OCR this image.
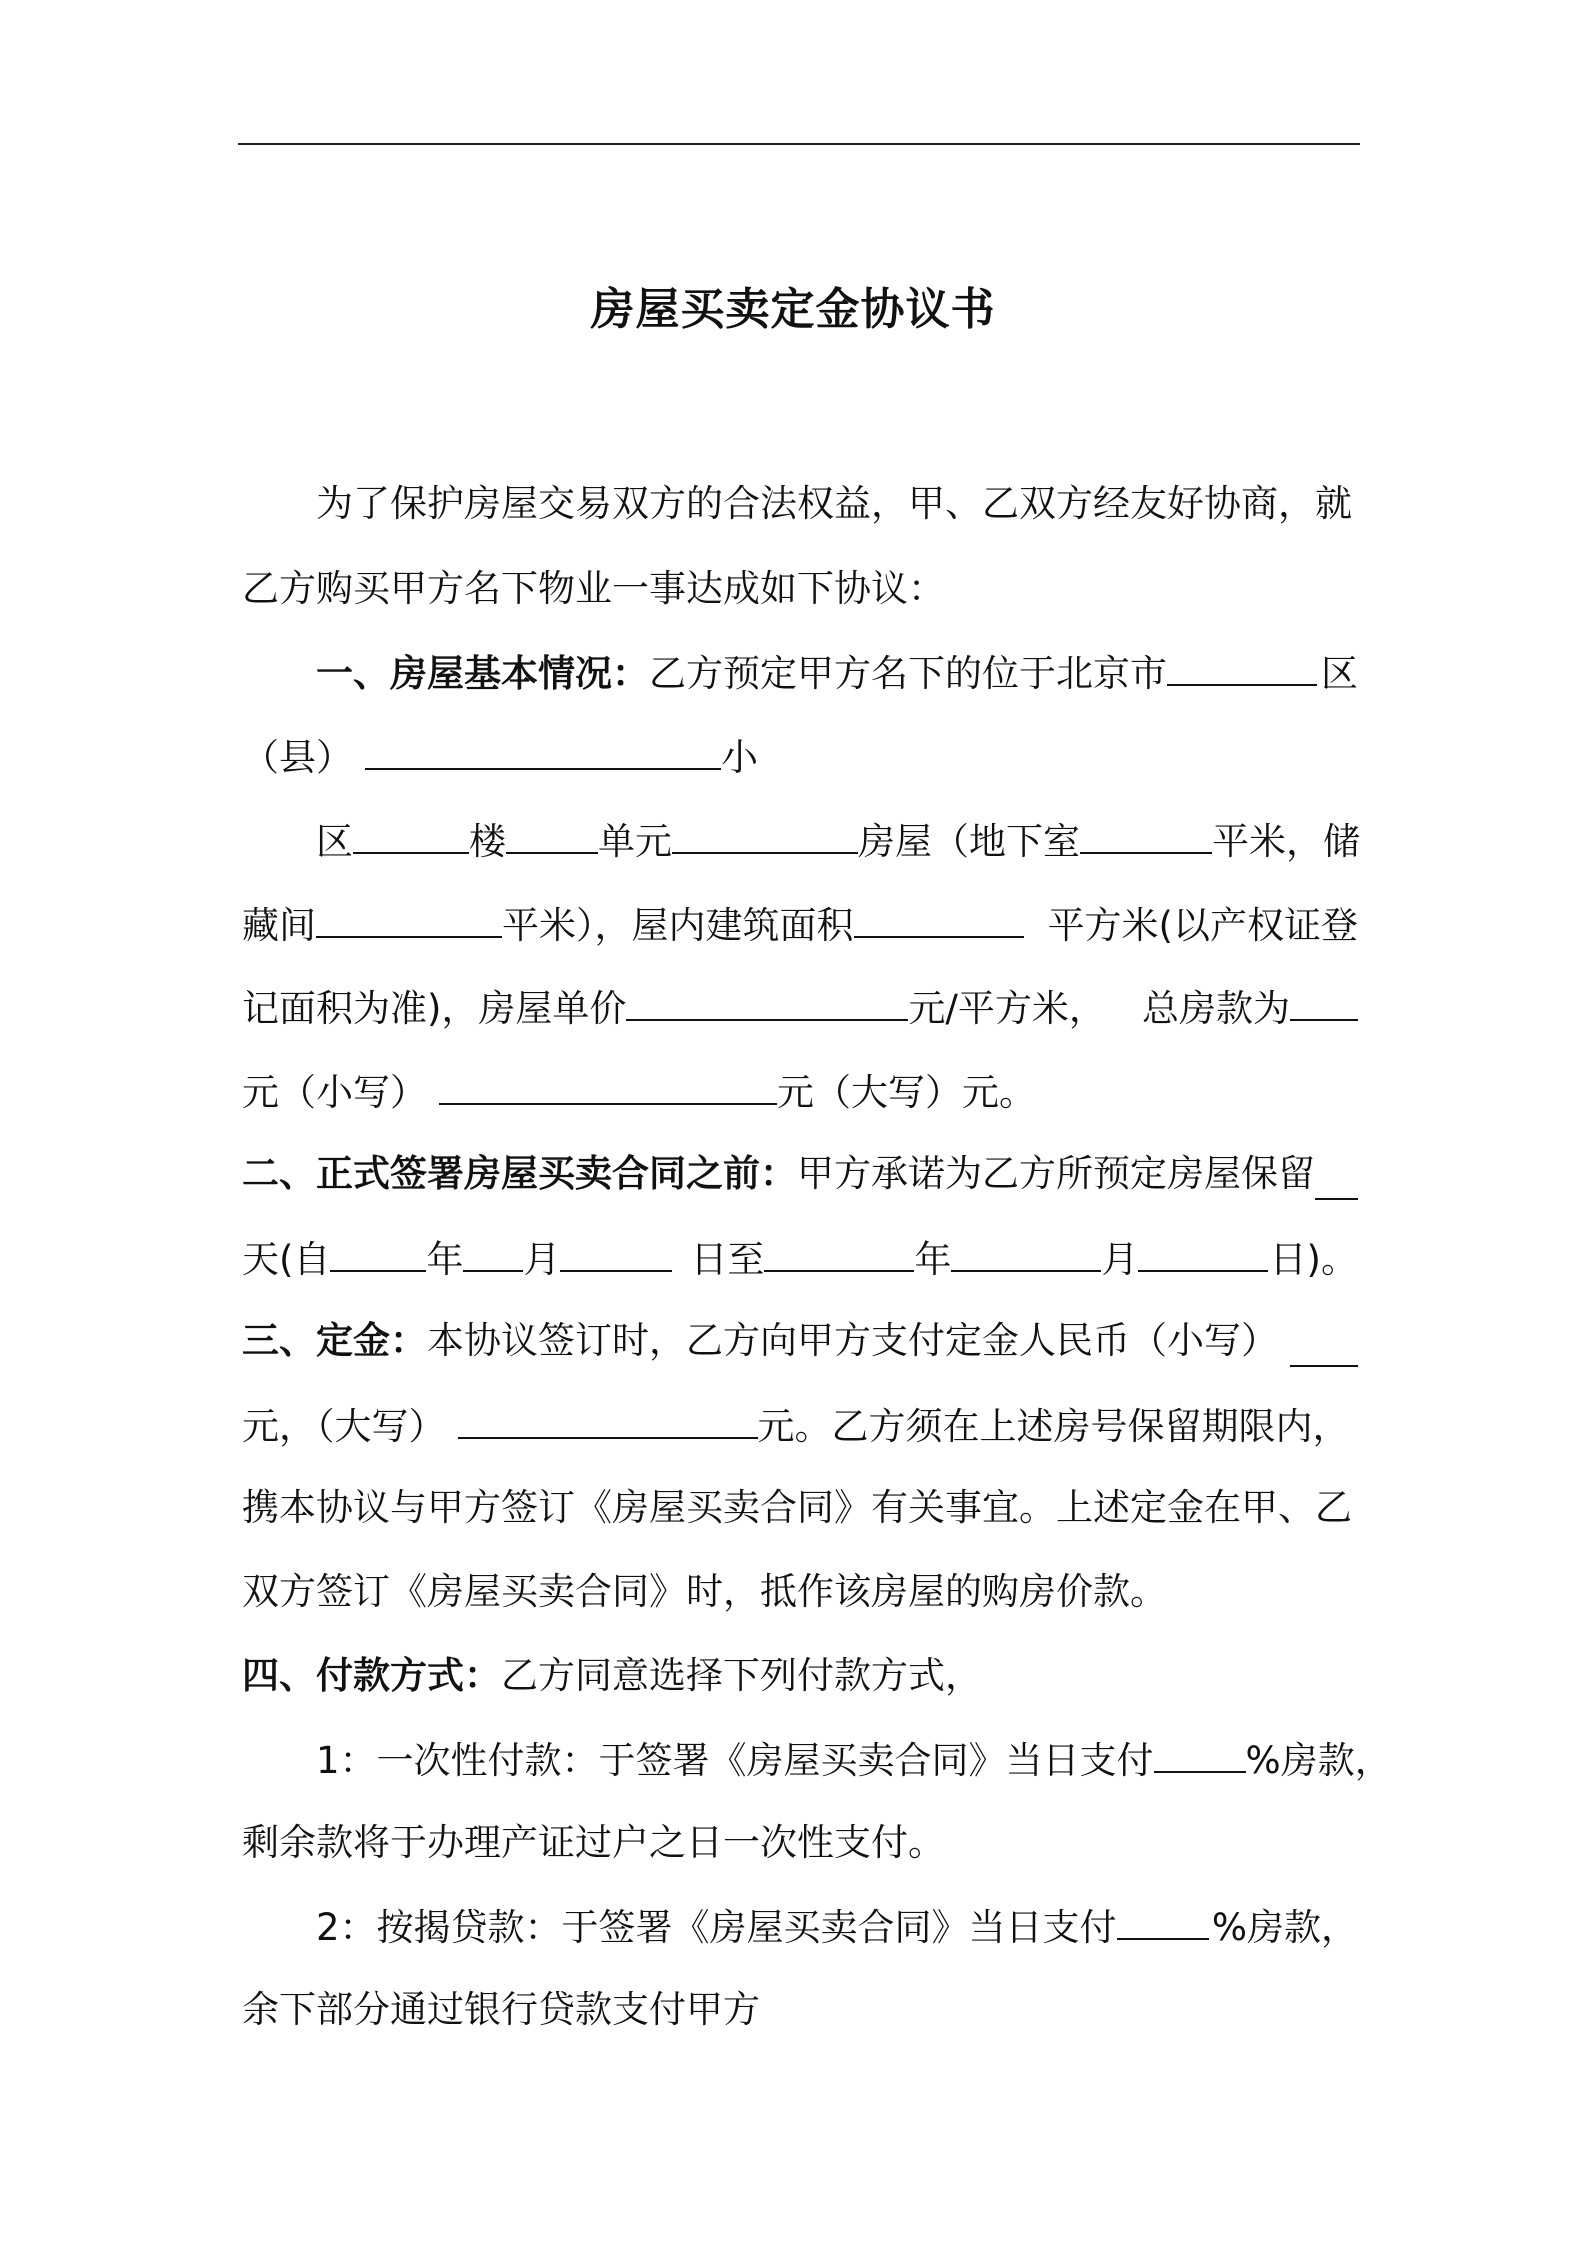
房屋买卖定金协议书
为了保护房屋交易双方的合法权益，甲、乙双方经友好协商，就
乙方购买甲方名下物业一事达成如下协议：
一、房屋基本情况：乙方预定甲方名下的位于北京市	区
（县）	小
区	楼 单元	房屋（地下室	平米，储
藏间	平米），屋内建筑面积	平方米(以产权证登
记面积为准)，房屋单价	元/平方米， 总房款为
元（小写）	元（大写）元。
二、正式签署房屋买卖合同之前：甲方承诺为乙方所预定房屋保留
天(自	年 月	日至	年	月	日)。
三、定金：本协议签订时，乙方向甲方支付定金人民币（小写）
元，（大写）	元。乙方须在上述房号保留期限内，
携本协议与甲方签订《房屋买卖合同》有关事宜。上述定金在甲、乙
双方签订《房屋买卖合同》时，抵作该房屋的购房价款。
四、付款方式：乙方同意选择下列付款方式，
1：一次性付款：于签署《房屋买卖合同》当日支付	%房款，
剩余款将于办理产证过户之日一次性支付。
2：按揭贷款：于签署《房屋买卖合同》当日支付	%房款，
余下部分通过银行贷款支付甲方
